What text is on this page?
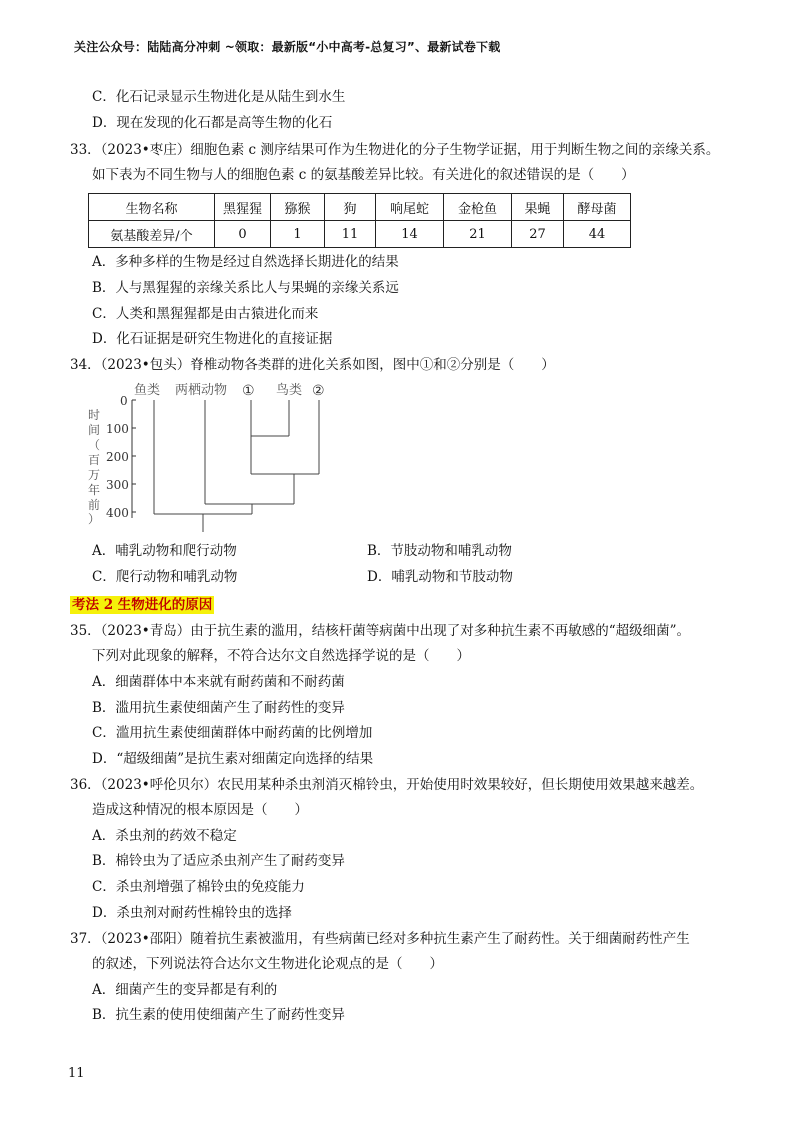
关注公众号：陆陆高分冲刺 ~领取：最新版“小中高考-总复习”、最新试卷下载
C．化石记录显示生物进化是从陆生到水生
D．现在发现的化石都是高等生物的化石
33．（2023•枣庄）细胞色素 c 测序结果可作为生物进化的分子生物学证据，用于判断生物之间的亲缘关系。
如下表为不同生物与人的细胞色素 c 的氨基酸差异比较。有关进化的叙述错误的是（　　）
生物名称	黑猩猩	猕猴	狗	响尾蛇	金枪鱼	果蝇	酵母菌
氨基酸差异/个	0	1	11	14	21	27	44
A．多种多样的生物是经过自然选择长期进化的结果
B．人与黑猩猩的亲缘关系比人与果蝇的亲缘关系远
C．人类和黑猩猩都是由古猿进化而来
D．化石证据是研究生物进化的直接证据
34．（2023•包头）脊椎动物各类群的进化关系如图，图中①和②分别是（　　）
鱼类 两栖动物 ① 鸟类 ②
时
间
（
百
万
年
前
）
0
100
200
300
400
A．哺乳动物和爬行动物	B．节肢动物和哺乳动物
C．爬行动物和哺乳动物	D．哺乳动物和节肢动物
考法 2 生物进化的原因
35．（2023•青岛）由于抗生素的滥用，结核杆菌等病菌中出现了对多种抗生素不再敏感的“超级细菌”。
下列对此现象的解释，不符合达尔文自然选择学说的是（　　）
A．细菌群体中本来就有耐药菌和不耐药菌
B．滥用抗生素使细菌产生了耐药性的变异
C．滥用抗生素使细菌群体中耐药菌的比例增加
D．“超级细菌”是抗生素对细菌定向选择的结果
36．（2023•呼伦贝尔）农民用某种杀虫剂消灭棉铃虫，开始使用时效果较好，但长期使用效果越来越差。
造成这种情况的根本原因是（　　）
A．杀虫剂的药效不稳定
B．棉铃虫为了适应杀虫剂产生了耐药变异
C．杀虫剂增强了棉铃虫的免疫能力
D．杀虫剂对耐药性棉铃虫的选择
37．（2023•邵阳）随着抗生素被滥用，有些病菌已经对多种抗生素产生了耐药性。关于细菌耐药性产生
的叙述，下列说法符合达尔文生物进化论观点的是（　　）
A．细菌产生的变异都是有利的
B．抗生素的使用使细菌产生了耐药性变异
11
